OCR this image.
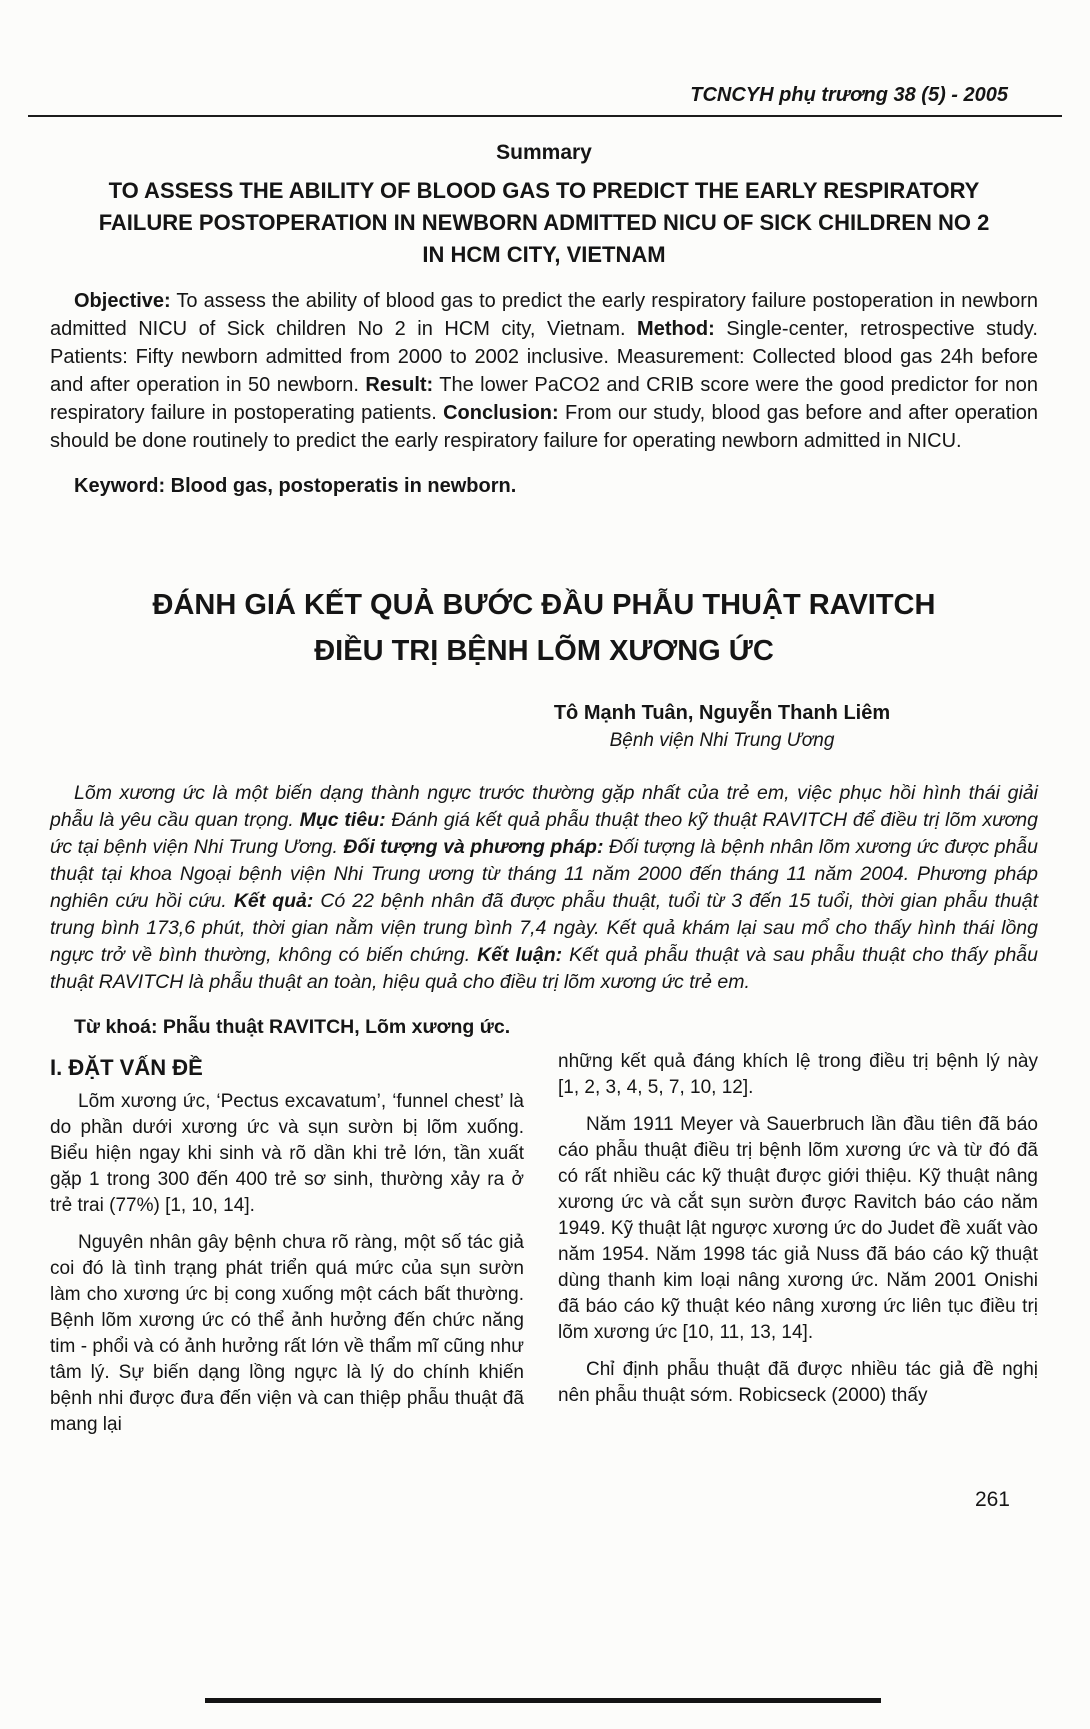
TCNCYH phụ trương 38 (5) - 2005
Summary
TO ASSESS THE ABILITY OF BLOOD GAS TO PREDICT THE EARLY RESPIRATORY FAILURE POSTOPERATION IN NEWBORN ADMITTED NICU OF SICK CHILDREN NO 2 IN HCM CITY, VIETNAM

Objective: To assess the ability of blood gas to predict the early respiratory failure postoperation in newborn admitted NICU of Sick children No 2 in HCM city, Vietnam. Method: Single-center, retrospective study. Patients: Fifty newborn admitted from 2000 to 2002 inclusive. Measurement: Collected blood gas 24h before and after operation in 50 newborn. Result: The lower PaCO2 and CRIB score were the good predictor for non respiratory failure in postoperating patients. Conclusion: From our study, blood gas before and after operation should be done routinely to predict the early respiratory failure for operating newborn admitted in NICU.

Keyword: Blood gas, postoperatis in newborn.
ĐÁNH GIÁ KẾT QUẢ BƯỚC ĐẦU PHẪU THUẬT RAVITCH
ĐIỀU TRỊ BỆNH LÕM XƯƠNG ỨC
Tô Mạnh Tuân, Nguyễn Thanh Liêm
Bệnh viện Nhi Trung Ương

Lõm xương ức là một biến dạng thành ngực trước thường gặp nhất của trẻ em, việc phục hồi hình thái giải phẫu là yêu cầu quan trọng. Mục tiêu: Đánh giá kết quả phẫu thuật theo kỹ thuật RAVITCH để điều trị lõm xương ức tại bệnh viện Nhi Trung Ương. Đối tượng và phương pháp: Đối tượng là bệnh nhân lõm xương ức được phẫu thuật tại khoa Ngoại bệnh viện Nhi Trung ương từ tháng 11 năm 2000 đến tháng 11 năm 2004. Phương pháp nghiên cứu hồi cứu. Kết quả: Có 22 bệnh nhân đã được phẫu thuật, tuổi từ 3 đến 15 tuổi, thời gian phẫu thuật trung bình 173,6 phút, thời gian nằm viện trung bình 7,4 ngày. Kết quả khám lại sau mổ cho thấy hình thái lồng ngực trở về bình thường, không có biến chứng. Kết luận: Kết quả phẫu thuật và sau phẫu thuật cho thấy phẫu thuật RAVITCH là phẫu thuật an toàn, hiệu quả cho điều trị lõm xương ức trẻ em.

Từ khoá: Phẫu thuật RAVITCH, Lõm xương ức.
I. ĐẶT VẤN ĐỀ

Lõm xương ức, ‘Pectus excavatum’, ‘funnel chest’ là do phần dưới xương ức và sụn sườn bị lõm xuống. Biểu hiện ngay khi sinh và rõ dần khi trẻ lớn, tần xuất gặp 1 trong 300 đến 400 trẻ sơ sinh, thường xảy ra ở trẻ trai (77%) [1, 10, 14].

Nguyên nhân gây bệnh chưa rõ ràng, một số tác giả coi đó là tình trạng phát triển quá mức của sụn sườn làm cho xương ức bị cong xuống một cách bất thường. Bệnh lõm xương ức có thể ảnh hưởng đến chức năng tim - phổi và có ảnh hưởng rất lớn về thẩm mĩ cũng như tâm lý. Sự biến dạng lồng ngực là lý do chính khiến bệnh nhi được đưa đến viện và can thiệp phẫu thuật đã mang lại

những kết quả đáng khích lệ trong điều trị bệnh lý này [1, 2, 3, 4, 5, 7, 10, 12].

Năm 1911 Meyer và Sauerbruch lần đầu tiên đã báo cáo phẫu thuật điều trị bệnh lõm xương ức và từ đó đã có rất nhiều các kỹ thuật được giới thiệu. Kỹ thuật nâng xương ức và cắt sụn sườn được Ravitch báo cáo năm 1949. Kỹ thuật lật ngược xương ức do Judet đề xuất vào năm 1954. Năm 1998 tác giả Nuss đã báo cáo kỹ thuật dùng thanh kim loại nâng xương ức. Năm 2001 Onishi đã báo cáo kỹ thuật kéo nâng xương ức liên tục điều trị lõm xương ức [10, 11, 13, 14].

Chỉ định phẫu thuật đã được nhiều tác giả đề nghị nên phẫu thuật sớm. Robicseck (2000) thấy

261
